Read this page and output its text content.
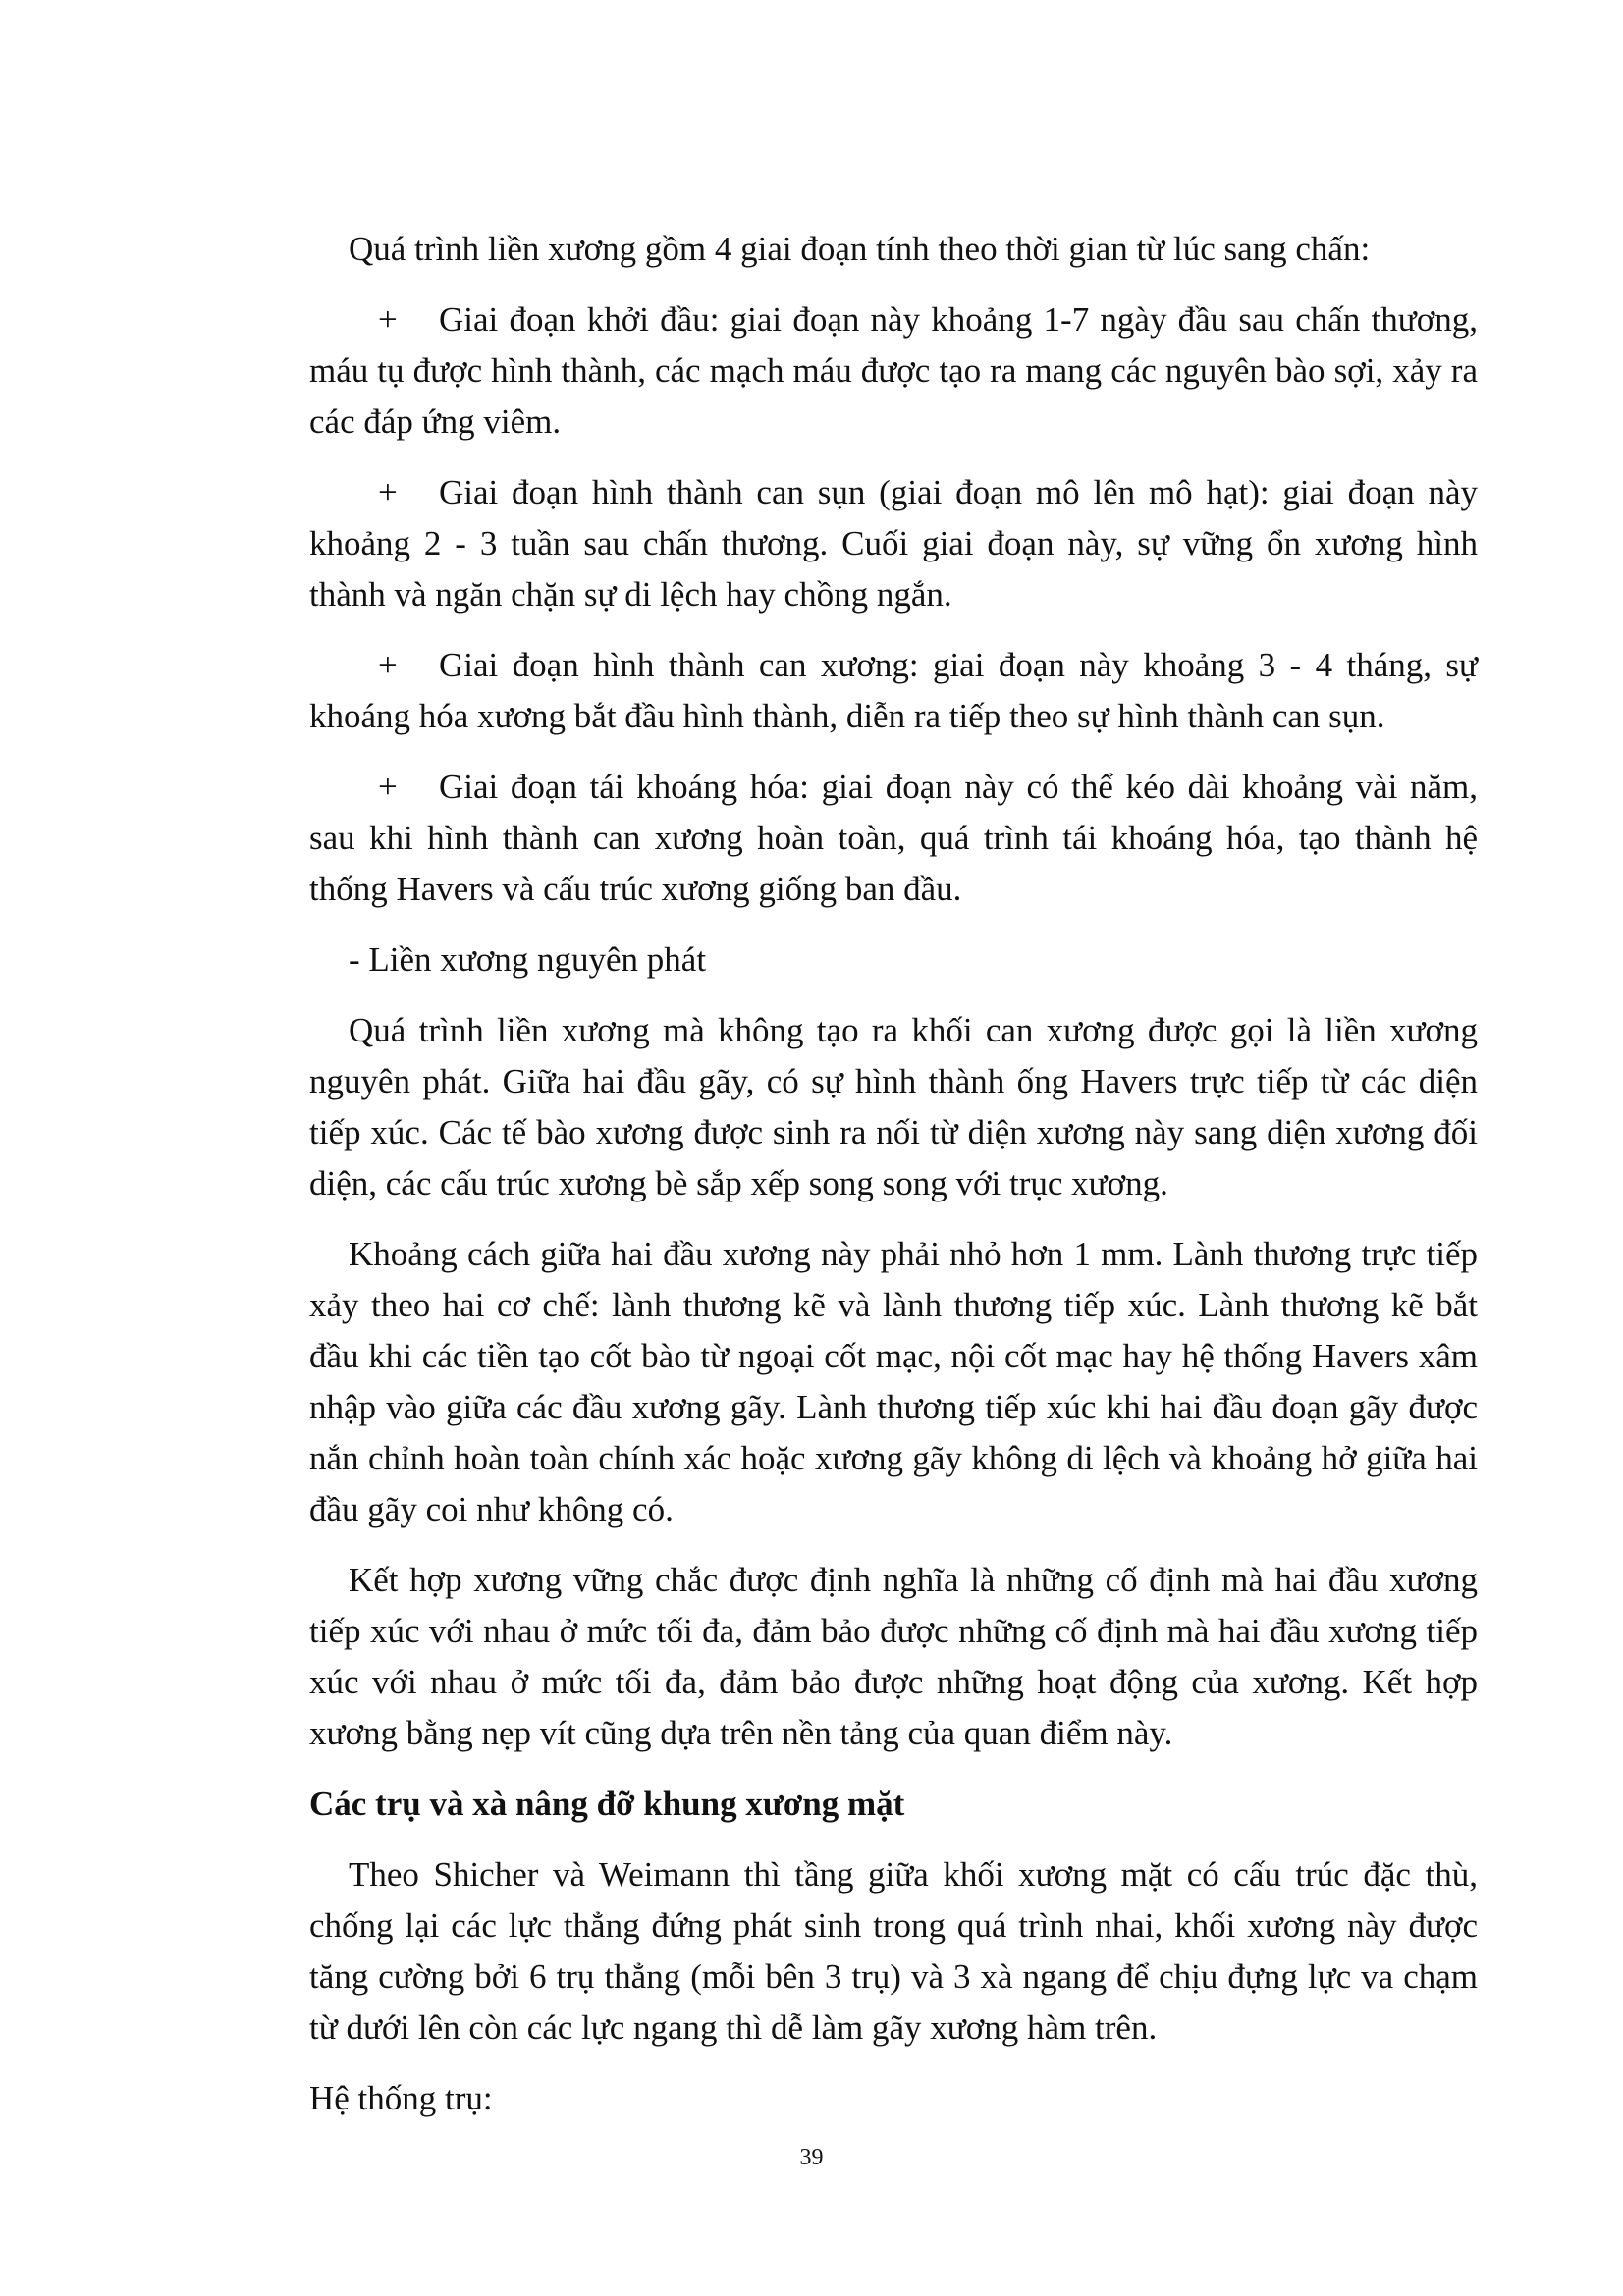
Quá trình liền xương gồm 4 giai đoạn tính theo thời gian từ lúc sang chấn:

+ Giai đoạn khởi đầu: giai đoạn này khoảng 1-7 ngày đầu sau chấn thương, máu tụ được hình thành, các mạch máu được tạo ra mang các nguyên bào sợi, xảy ra các đáp ứng viêm.

+ Giai đoạn hình thành can sụn (giai đoạn mô lên mô hạt): giai đoạn này khoảng 2 - 3 tuần sau chấn thương. Cuối giai đoạn này, sự vững ổn xương hình thành và ngăn chặn sự di lệch hay chồng ngắn.

+ Giai đoạn hình thành can xương: giai đoạn này khoảng 3 - 4 tháng, sự khoáng hóa xương bắt đầu hình thành, diễn ra tiếp theo sự hình thành can sụn.

+ Giai đoạn tái khoáng hóa: giai đoạn này có thể kéo dài khoảng vài năm, sau khi hình thành can xương hoàn toàn, quá trình tái khoáng hóa, tạo thành hệ thống Havers và cấu trúc xương giống ban đầu.

- Liền xương nguyên phát

Quá trình liền xương mà không tạo ra khối can xương được gọi là liền xương nguyên phát. Giữa hai đầu gãy, có sự hình thành ống Havers trực tiếp từ các diện tiếp xúc. Các tế bào xương được sinh ra nối từ diện xương này sang diện xương đối diện, các cấu trúc xương bè sắp xếp song song với trục xương.

Khoảng cách giữa hai đầu xương này phải nhỏ hơn 1 mm. Lành thương trực tiếp xảy theo hai cơ chế: lành thương kẽ và lành thương tiếp xúc. Lành thương kẽ bắt đầu khi các tiền tạo cốt bào từ ngoại cốt mạc, nội cốt mạc hay hệ thống Havers xâm nhập vào giữa các đầu xương gãy. Lành thương tiếp xúc khi hai đầu đoạn gãy được nắn chỉnh hoàn toàn chính xác hoặc xương gãy không di lệch và khoảng hở giữa hai đầu gãy coi như không có.

Kết hợp xương vững chắc được định nghĩa là những cố định mà hai đầu xương tiếp xúc với nhau ở mức tối đa, đảm bảo được những cố định mà hai đầu xương tiếp xúc với nhau ở mức tối đa, đảm bảo được những hoạt động của xương. Kết hợp xương bằng nẹp vít cũng dựa trên nền tảng của quan điểm này.

Các trụ và xà nâng đỡ khung xương mặt

Theo Shicher và Weimann thì tầng giữa khối xương mặt có cấu trúc đặc thù, chống lại các lực thẳng đứng phát sinh trong quá trình nhai, khối xương này được tăng cường bởi 6 trụ thẳng (mỗi bên 3 trụ) và 3 xà ngang để chịu đựng lực va chạm từ dưới lên còn các lực ngang thì dễ làm gãy xương hàm trên.

Hệ thống trụ:

39
